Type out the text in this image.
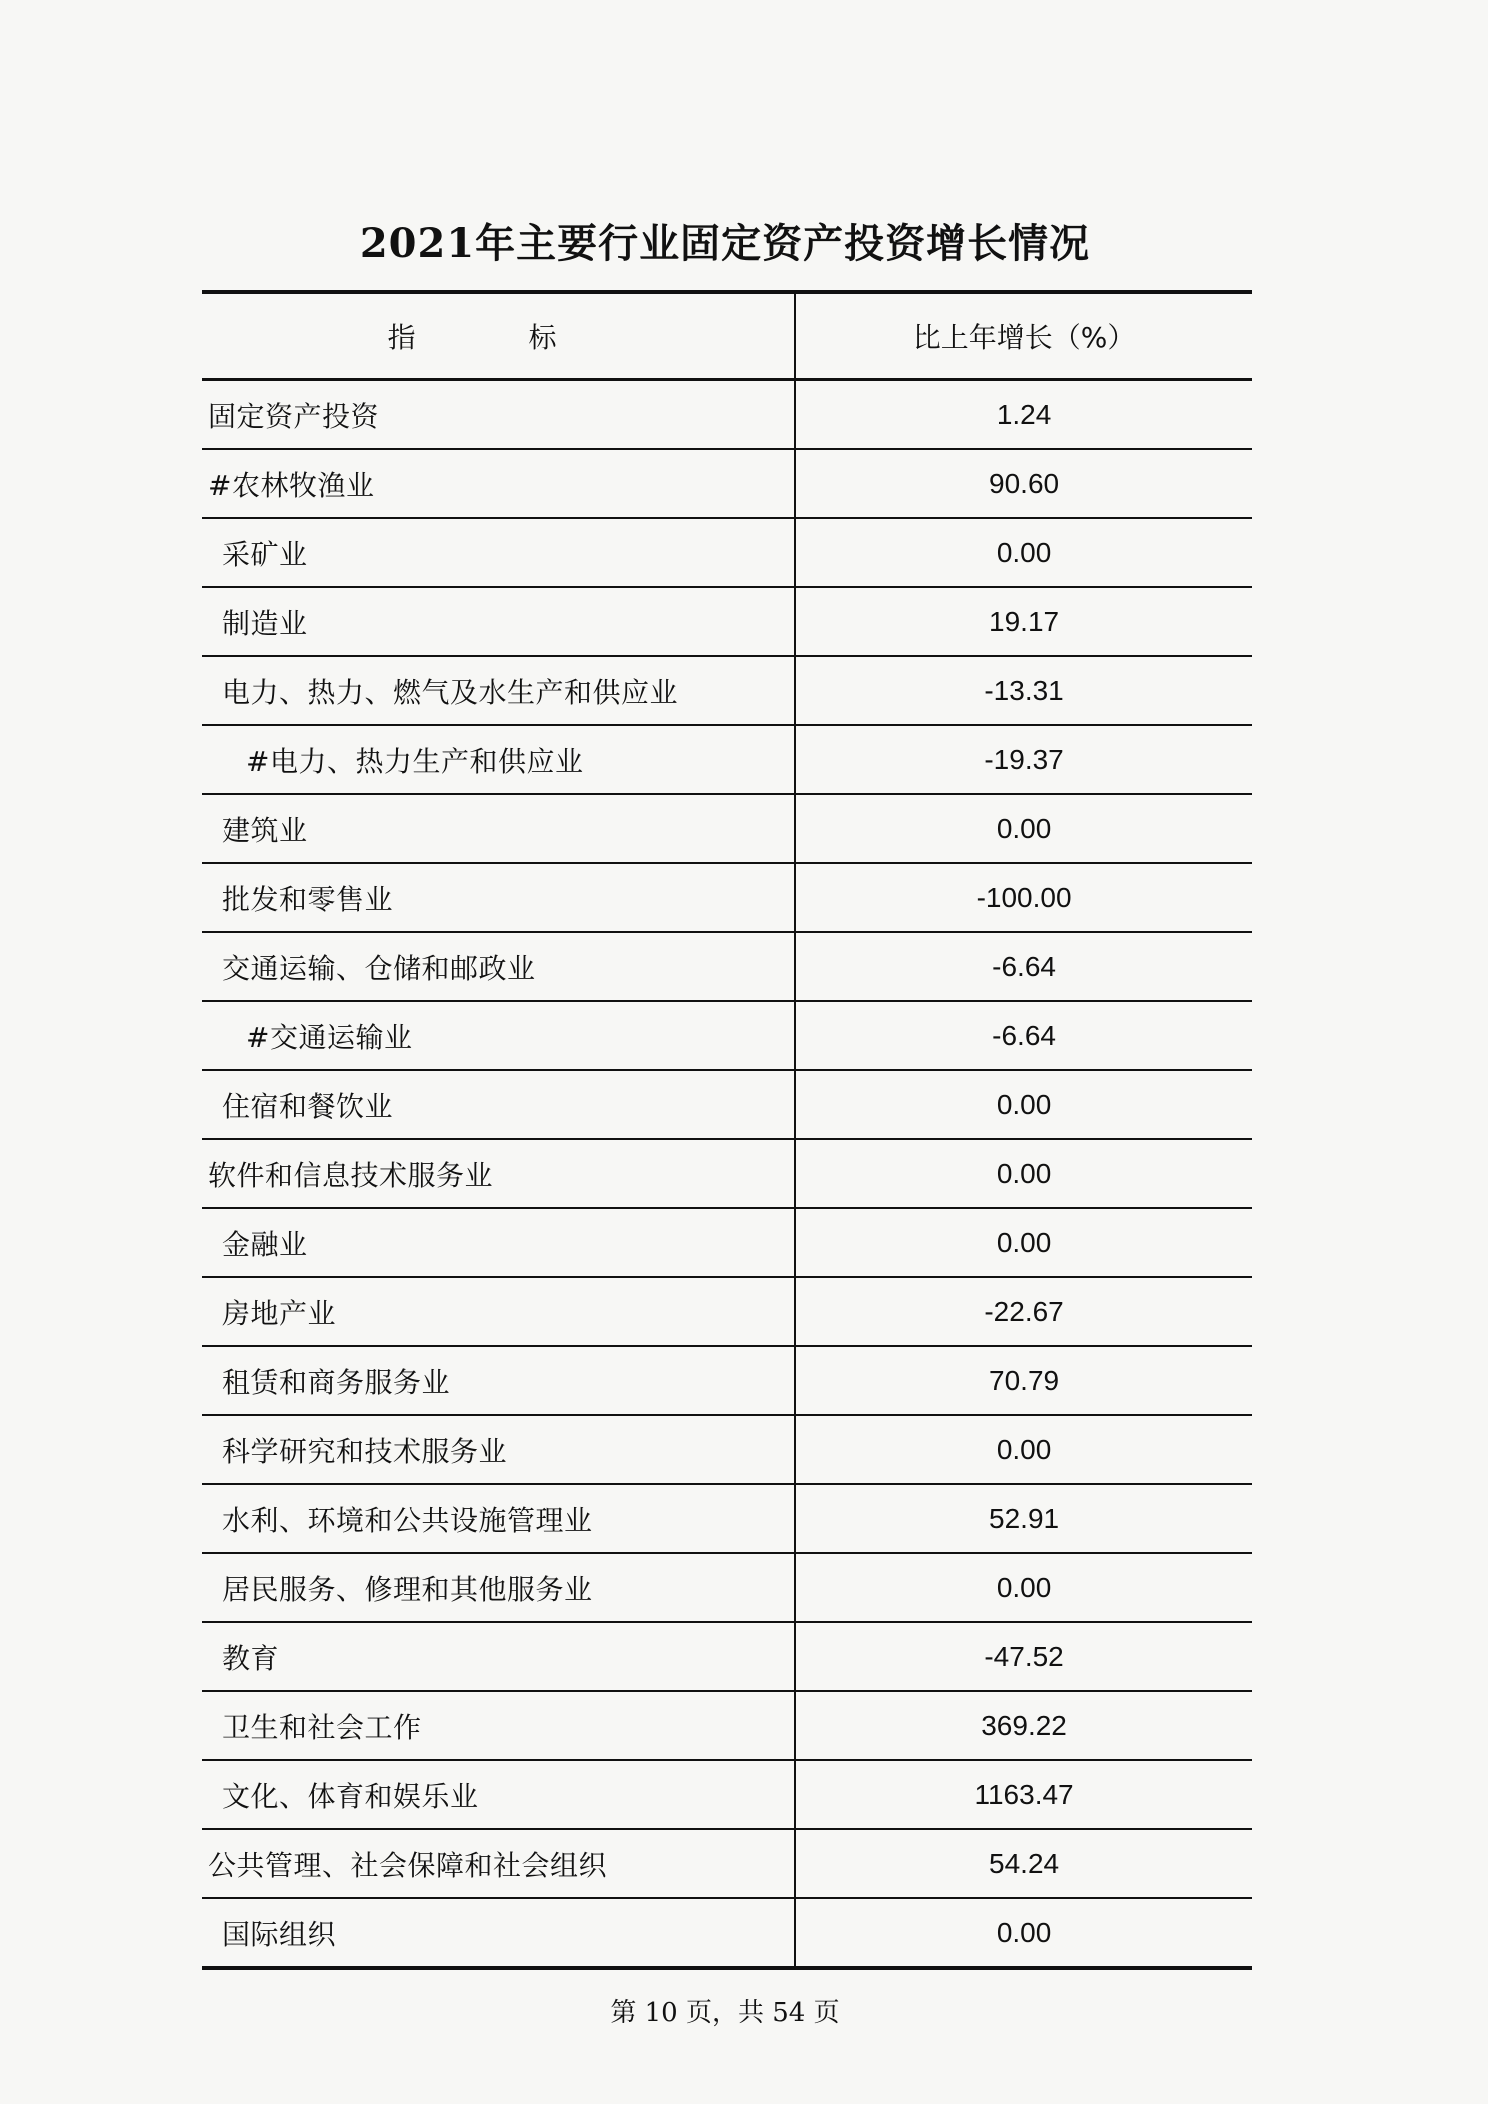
2021年主要行业固定资产投资增长情况
指 标	比上年增长（%）
固定资产投资	1.24
#农林牧渔业	90.60
采矿业	0.00
制造业	19.17
电力、热力、燃气及水生产和供应业	-13.31
#电力、热力生产和供应业	-19.37
建筑业	0.00
批发和零售业	-100.00
交通运输、仓储和邮政业	-6.64
#交通运输业	-6.64
住宿和餐饮业	0.00
软件和信息技术服务业	0.00
金融业	0.00
房地产业	-22.67
租赁和商务服务业	70.79
科学研究和技术服务业	0.00
水利、环境和公共设施管理业	52.91
居民服务、修理和其他服务业	0.00
教育	-47.52
卫生和社会工作	369.22
文化、体育和娱乐业	1163.47
公共管理、社会保障和社会组织	54.24
国际组织	0.00
第 10 页，共 54 页
